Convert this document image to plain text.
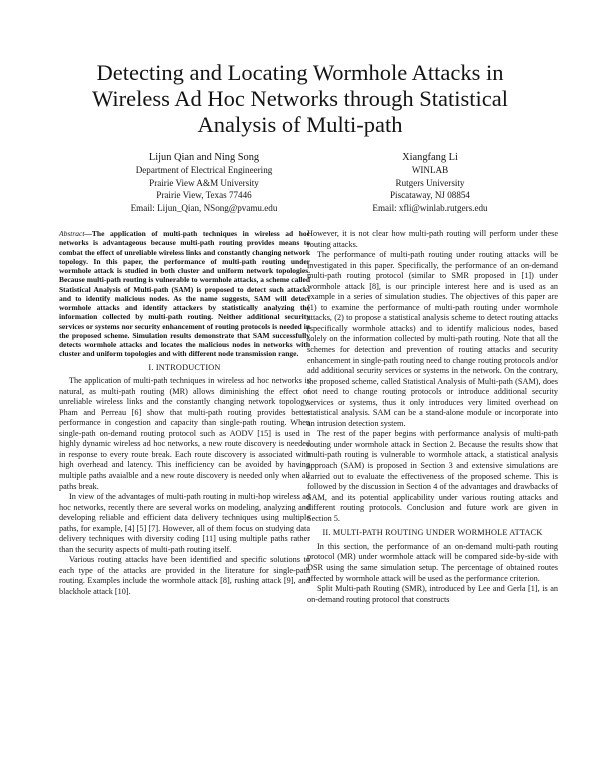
Detecting and Locating Wormhole Attacks in
Wireless Ad Hoc Networks through Statistical
Analysis of Multi-path
Lijun Qian and Ning Song
Department of Electrical Engineering
Prairie View A&M University
Prairie View, Texas 77446
Email: Lijun_Qian, NSong@pvamu.edu
Xiangfang Li
WINLAB
Rutgers University
Piscataway, NJ 08854
Email: xfli@winlab.rutgers.edu

Abstract—The application of multi-path techniques in wireless ad hoc networks is advantageous because multi-path routing provides means to combat the effect of unreliable wireless links and constantly changing network topology. In this paper, the performance of multi-path routing under wormhole attack is studied in both cluster and uniform network topologies. Because multi-path routing is vulnerable to wormhole attacks, a scheme called Statistical Analysis of Multi-path (SAM) is proposed to detect such attacks and to identify malicious nodes. As the name suggests, SAM will detect wormhole attacks and identify attackers by statistically analyzing the information collected by multi-path routing. Neither additional security services or systems nor security enhancement of routing protocols is needed in the proposed scheme. Simulation results demonstrate that SAM successfully detects wormhole attacks and locates the malicious nodes in networks with cluster and uniform topologies and with different node transmission range.

I. INTRODUCTION

The application of multi-path techniques in wireless ad hoc networks is natural, as multi-path routing (MR) allows diminishing the effect of unreliable wireless links and the constantly changing network topology. Pham and Perreau [6] show that multi-path routing provides better performance in congestion and capacity than single-path routing. When single-path on-demand routing protocol such as AODV [15] is used in highly dynamic wireless ad hoc networks, a new route discovery is needed in response to every route break. Each route discovery is associated with high overhead and latency. This inefficiency can be avoided by having multiple paths avaialble and a new route discovery is needed only when all paths break.

In view of the advantages of multi-path routing in multi-hop wireless ad hoc networks, recently there are several works on modeling, analyzing and developing reliable and efficient data delivery techniques using multiple paths, for example, [4] [5] [7]. However, all of them focus on studying data delivery techniques with diversity coding [11] using multiple paths rather than the security aspects of multi-path routing itself.

Various routing attacks have been identified and specific solutions to each type of the attacks are provided in the literature for single-path routing. Examples include the wormhole attack [8], rushing attack [9], and blackhole attack [10].

However, it is not clear how multi-path routing will perform under these routing attacks.

The performance of multi-path routing under routing attacks will be investigated in this paper. Specifically, the performance of an on-demand multi-path routing protocol (similar to SMR proposed in [1]) under wormhole attack [8], is our principle interest here and is used as an example in a series of simulation studies. The objectives of this paper are (1) to examine the performance of multi-path routing under wormhole attacks, (2) to propose a statistical analysis scheme to detect routing attacks (specifically wormhole attacks) and to identify malicious nodes, based solely on the information collected by multi-path routing. Note that all the schemes for detection and prevention of routing attacks and security enhancement in single-path routing need to change routing protocols and/or add additional security services or systems in the network. On the contrary, the proposed scheme, called Statistical Analysis of Multi-path (SAM), does not need to change routing protocols or introduce additional security services or systems, thus it only introduces very limited overhead on statistical analysis. SAM can be a stand-alone module or incorporate into an intrusion detection system.

The rest of the paper begins with performance analysis of multi-path routing under wormhole attack in Section 2. Because the results show that multi-path routing is vulnerable to wormhole attack, a statistical analysis approach (SAM) is proposed in Section 3 and extensive simulations are carried out to evaluate the effectiveness of the proposed scheme. This is followed by the discussion in Section 4 of the advantages and drawbacks of SAM, and its potential applicability under various routing attacks and different routing protocols. Conclusion and future work are given in Section 5.

II. MULTI-PATH ROUTING UNDER WORMHOLE ATTACK

In this section, the performance of an on-demand multi-path routing protocol (MR) under wormhole attack will be compared side-by-side with DSR using the same simulation setup. The percentage of obtained routes affected by wormhole attack will be used as the performance criterion.

Split Multi-path Routing (SMR), introduced by Lee and Gerla [1], is an on-demand routing protocol that constructs
